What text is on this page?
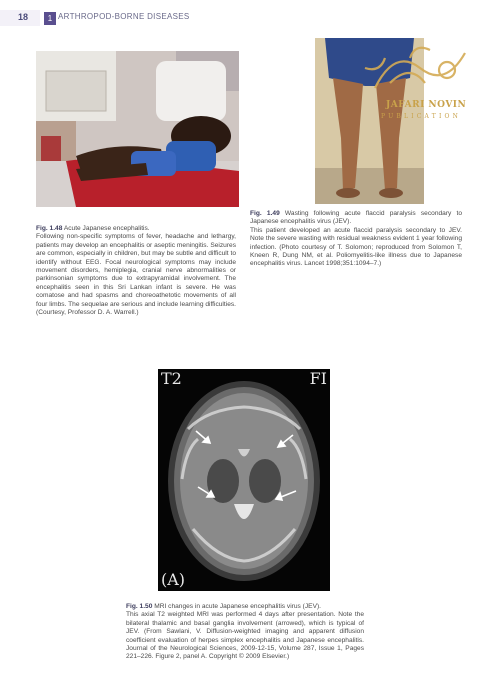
18	1 ARTHROPOD-BORNE DISEASES
JAFARI NOVIN
PUBLICATION
Fig. 1.48 Acute Japanese encephalitis.
Following non-specific symptoms of fever, headache and lethargy, patients may develop an encephalitis or aseptic meningitis. Seizures are common, especially in children, but may be subtle and difficult to identify without EEG. Focal neurological symptoms may include movement disorders, hemiplegia, cranial nerve abnormalities or parkinsonian symptoms due to extrapyramidal involvement. The encephalitis seen in this Sri Lankan infant is severe. He was comatose and had spasms and choreoathetotic movements of all four limbs. The sequelae are serious and include learning difficulties. (Courtesy, Professor D. A. Warrell.)
Fig. 1.49 Wasting following acute flaccid paralysis secondary to Japanese encephalitis virus (JEV).
This patient developed an acute flaccid paralysis secondary to JEV. Note the severe wasting with residual weakness evident 1 year following infection. (Photo courtesy of T. Solomon; reproduced from Solomon T, Kneen R, Dung NM, et al. Poliomyelitis-like illness due to Japanese encephalitis virus. Lancet 1998;351:1094–7.)
T2	FI
(A)
Fig. 1.50 MRI changes in acute Japanese encephalitis virus (JEV).
This axial T2 weighted MRI was performed 4 days after presentation. Note the bilateral thalamic and basal ganglia involvement (arrowed), which is typical of JEV. (From Sawlani, V. Diffusion-weighted imaging and apparent diffusion coefficient evaluation of herpes simplex encephalitis and Japanese encephalitis. Journal of the Neurological Sciences, 2009-12-15, Volume 287, Issue 1, Pages 221–226. Figure 2, panel A. Copyright © 2009 Elsevier.)
